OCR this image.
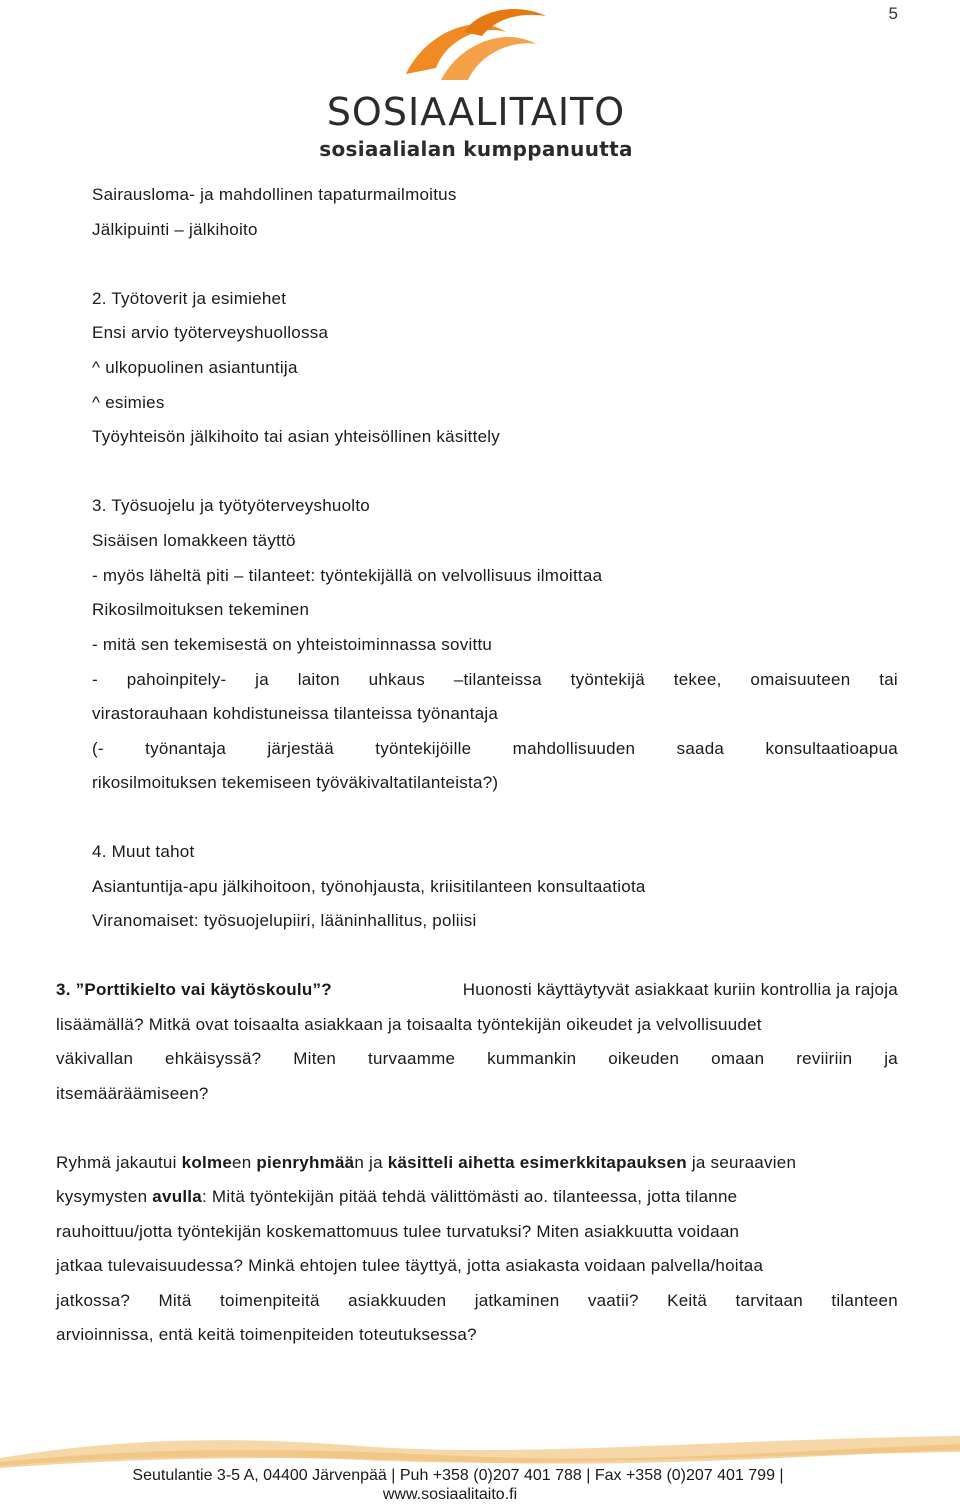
5
SOSIAALITAITO
sosiaalialan kumppanuutta
Sairausloma- ja mahdollinen tapaturmailmoitus
Jälkipuinti – jälkihoito
2. Työtoverit ja esimiehet
Ensi arvio työterveyshuollossa
^ ulkopuolinen asiantuntija
^ esimies
Työyhteisön jälkihoito tai asian yhteisöllinen käsittely
3. Työsuojelu ja työtyöterveyshuolto
Sisäisen lomakkeen täyttö
- myös läheltä piti – tilanteet: työntekijällä on velvollisuus ilmoittaa
Rikosilmoituksen tekeminen
- mitä sen tekemisestä on yhteistoiminnassa sovittu
- pahoinpitely- ja laiton uhkaus –tilanteissa työntekijä tekee, omaisuuteen tai
virastorauhaan kohdistuneissa tilanteissa työnantaja
(- työnantaja järjestää työntekijöille mahdollisuuden saada konsultaatioapua
rikosilmoituksen tekemiseen työväkivaltatilanteista?)
4. Muut tahot
Asiantuntija-apu jälkihoitoon, työnohjausta, kriisitilanteen konsultaatiota
Viranomaiset: työsuojelupiiri, lääninhallitus, poliisi
3. ”Porttikielto vai käytöskoulu”?	Huonosti käyttäytyvät asiakkaat kuriin kontrollia ja rajoja
lisäämällä? Mitkä ovat toisaalta asiakkaan ja toisaalta työntekijän oikeudet ja velvollisuudet
väkivallan ehkäisyssä? Miten turvaamme kummankin oikeuden omaan reviiriin ja
itsemääräämiseen?
Ryhmä jakautui kolmeen pienryhmään ja käsitteli aihetta esimerkkitapauksen ja seuraavien
kysymysten avulla: Mitä työntekijän pitää tehdä välittömästi ao. tilanteessa, jotta tilanne
rauhoittuu/jotta työntekijän koskemattomuus tulee turvatuksi? Miten asiakkuutta voidaan
jatkaa tulevaisuudessa? Minkä ehtojen tulee täyttyä, jotta asiakasta voidaan palvella/hoitaa
jatkossa? Mitä toimenpiteitä asiakkuuden jatkaminen vaatii? Keitä tarvitaan tilanteen
arvioinnissa, entä keitä toimenpiteiden toteutuksessa?
Seutulantie 3-5 A, 04400 Järvenpää | Puh +358 (0)207 401 788 | Fax +358 (0)207 401 799 |
www.sosiaalitaito.fi
